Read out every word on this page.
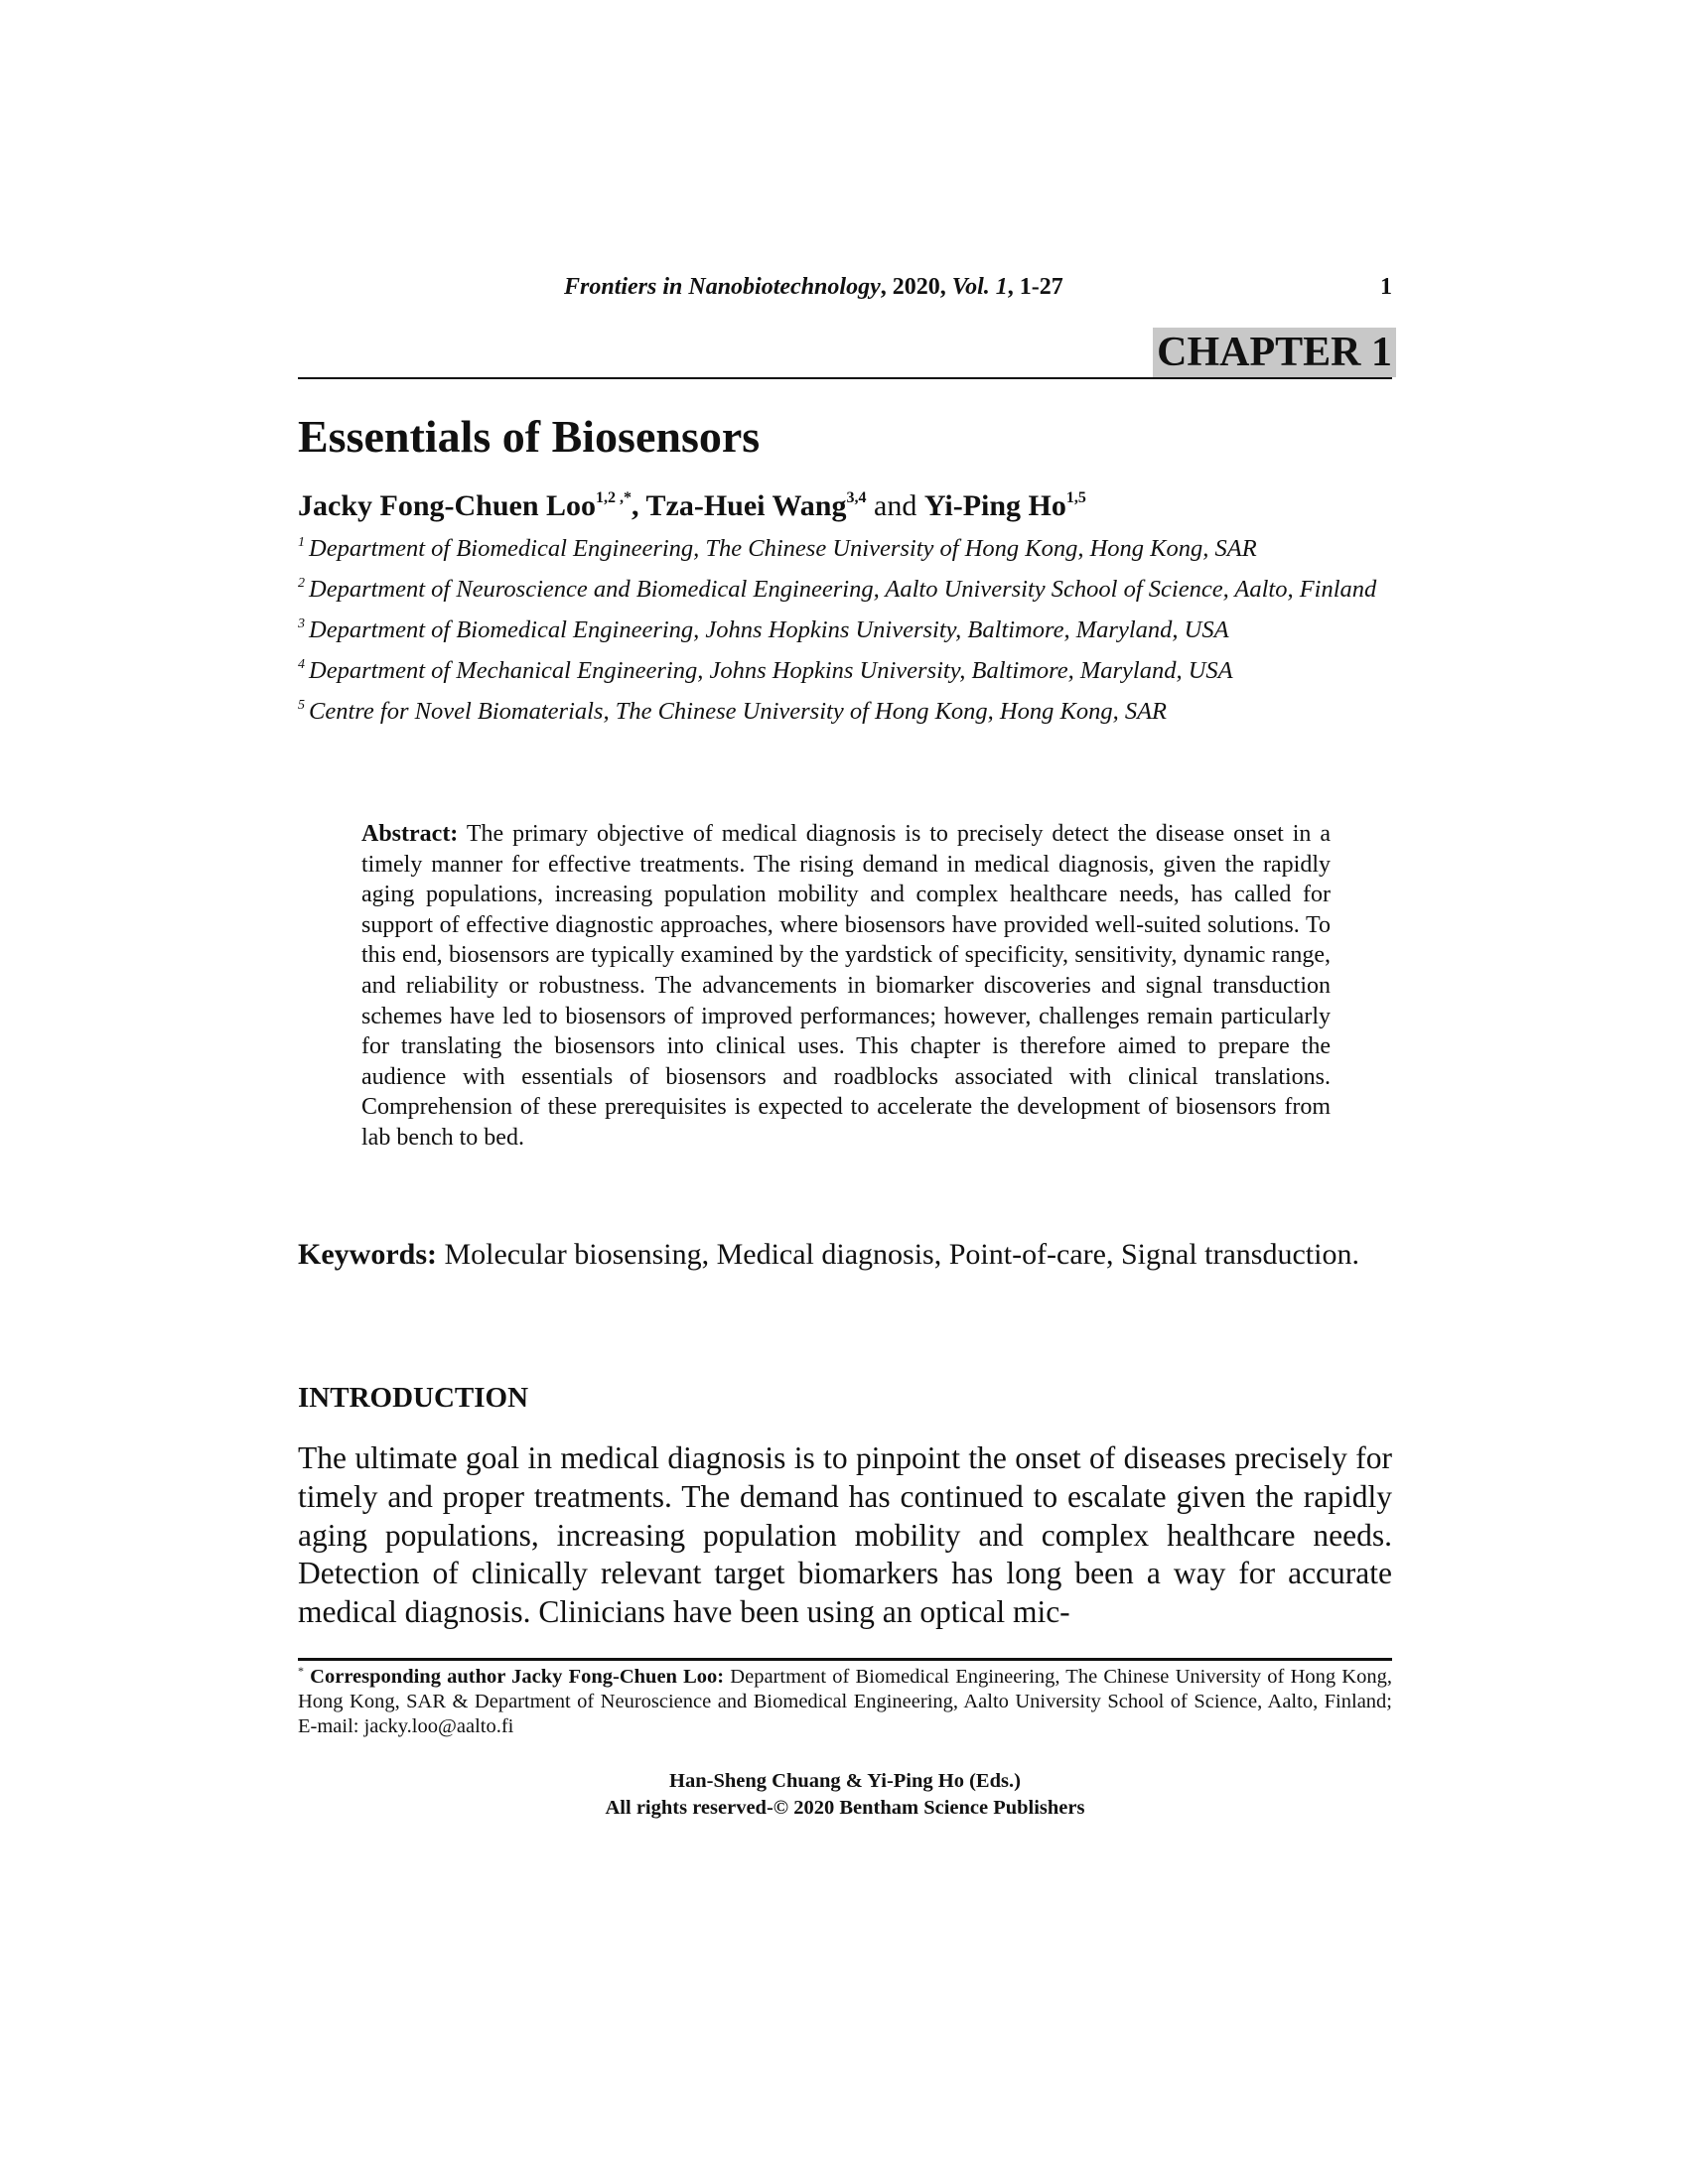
Frontiers in Nanobiotechnology, 2020, Vol. 1, 1-27	1
CHAPTER 1
Essentials of Biosensors
Jacky Fong-Chuen Loo$^{1,2 ,*}$, Tza-Huei Wang$^{3,4}$ and Yi-Ping Ho$^{1,5}$
$^1$ Department of Biomedical Engineering, The Chinese University of Hong Kong, Hong Kong, SAR
$^2$ Department of Neuroscience and Biomedical Engineering, Aalto University School of Science, Aalto, Finland
$^3$ Department of Biomedical Engineering, Johns Hopkins University, Baltimore, Maryland, USA
$^4$ Department of Mechanical Engineering, Johns Hopkins University, Baltimore, Maryland, USA
$^5$ Centre for Novel Biomaterials, The Chinese University of Hong Kong, Hong Kong, SAR
Abstract: The primary objective of medical diagnosis is to precisely detect the disease onset in a timely manner for effective treatments. The rising demand in medical diagnosis, given the rapidly aging populations, increasing population mobility and complex healthcare needs, has called for support of effective diagnostic approaches, where biosensors have provided well-suited solutions. To this end, biosensors are typically examined by the yardstick of specificity, sensitivity, dynamic range, and reliability or robustness. The advancements in biomarker discoveries and signal transduction schemes have led to biosensors of improved performances; however, challenges remain particularly for translating the biosensors into clinical uses. This chapter is therefore aimed to prepare the audience with essentials of biosensors and roadblocks associated with clinical translations. Comprehension of these prerequisites is expected to accelerate the development of biosensors from lab bench to bed.
Keywords: Molecular biosensing, Medical diagnosis, Point-of-care, Signal transduction.
INTRODUCTION
The ultimate goal in medical diagnosis is to pinpoint the onset of diseases precisely for timely and proper treatments. The demand has continued to escalate given the rapidly aging populations, increasing population mobility and complex healthcare needs. Detection of clinically relevant target biomarkers has long been a way for accurate medical diagnosis. Clinicians have been using an optical mic-
* Corresponding author Jacky Fong-Chuen Loo: Department of Biomedical Engineering, The Chinese University of Hong Kong, Hong Kong, SAR & Department of Neuroscience and Biomedical Engineering, Aalto University School of Science, Aalto, Finland; E-mail: jacky.loo@aalto.fi
Han-Sheng Chuang & Yi-Ping Ho (Eds.)
All rights reserved-© 2020 Bentham Science Publishers
